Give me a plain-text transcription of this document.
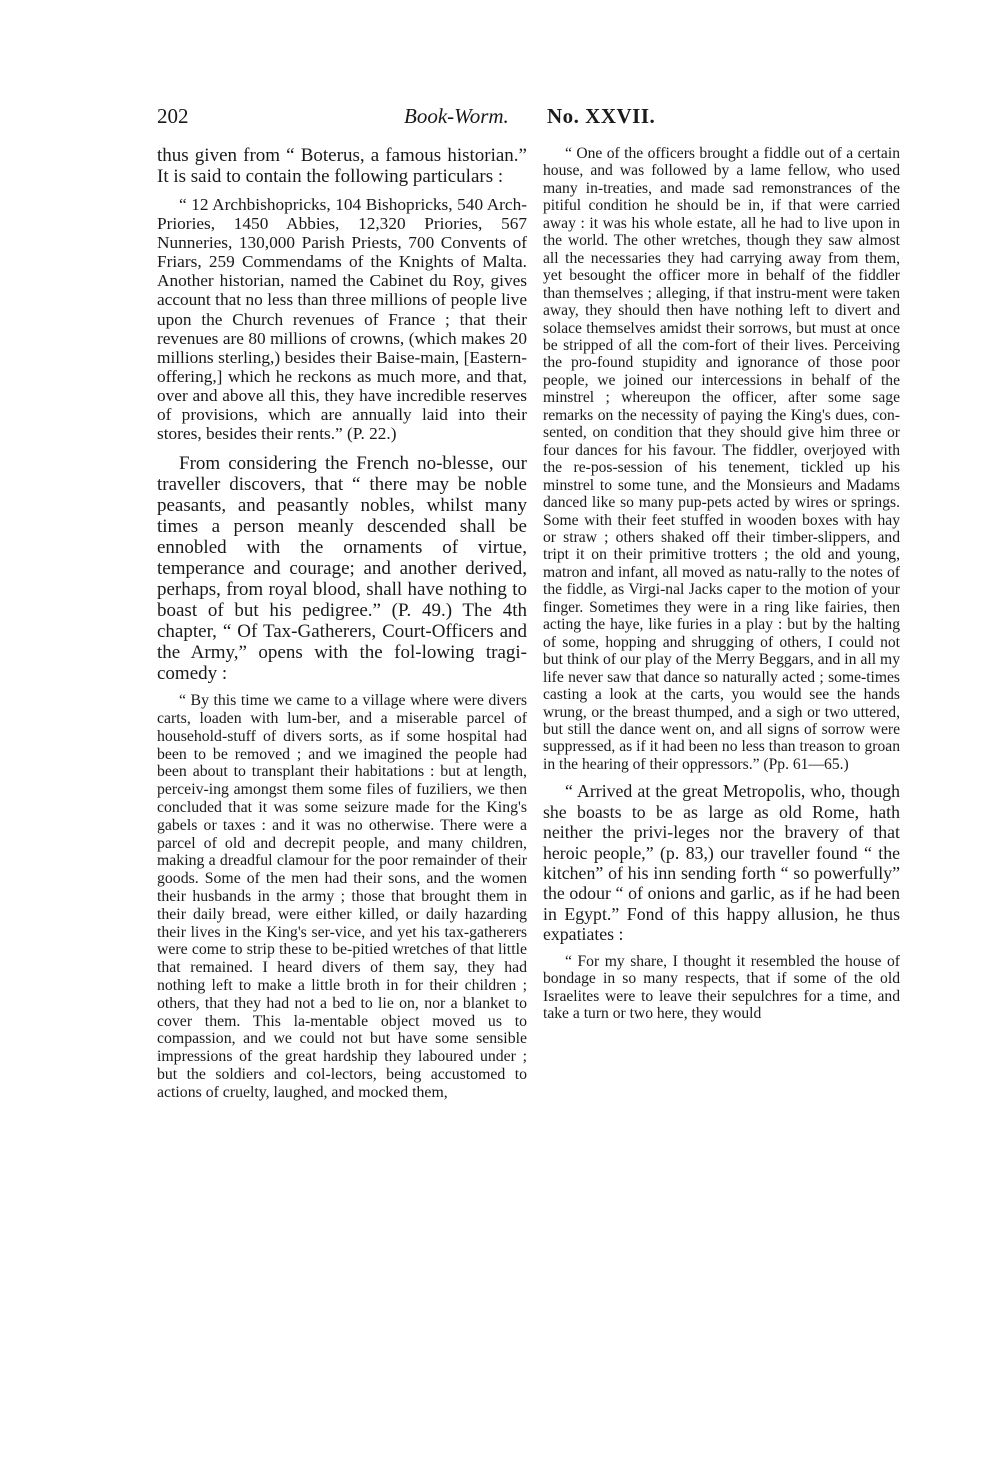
202	Book-Worm. No. XXVII.

thus given from “ Boterus, a famous historian.” It is said to contain the following particulars :

“ 12 Archbishopricks, 104 Bishopricks, 540 Arch-Priories, 1450 Abbies, 12,320 Priories, 567 Nunneries, 130,000 Parish Priests, 700 Convents of Friars, 259 Commendams of the Knights of Malta. Another historian, named the Cabinet du Roy, gives account that no less than three millions of people live upon the Church revenues of France ; that their revenues are 80 millions of crowns, (which makes 20 millions sterling,) besides their Baise-main, [Eastern-offering,] which he reckons as much more, and that, over and above all this, they have incredible reserves of provisions, which are annually laid into their stores, besides their rents.” (P. 22.)

From considering the French no-blesse, our traveller discovers, that “ there may be noble peasants, and peasantly nobles, whilst many times a person meanly descended shall be ennobled with the ornaments of virtue, temperance and courage; and another derived, perhaps, from royal blood, shall have nothing to boast of but his pedigree.” (P. 49.) The 4th chapter, “ Of Tax-Gatherers, Court-Officers and the Army,” opens with the fol-lowing tragi-comedy :

“ By this time we came to a village where were divers carts, loaden with lum-ber, and a miserable parcel of househo​ld-stuff of divers sorts, as if some hospital had been to be removed ; and we imagined the people had been about to transplant their habitations : but at length, perceiv-ing amongst them some files of fuziliers, we then concluded that it was some seizure made for the King's gabels or taxes : and it was no otherwise. There were a parcel of old and decrepit people, and many children, making a dreadful clamour for the poor remainder of their goods. Some of the men had their sons, and the women their husbands in the army ; those that brought them in their daily bread, were either killed, or daily hazarding their lives in the King's ser-vice, and yet his tax-gatherers were come to strip these to be-pitied wretches of that little that remained. I heard divers of them say, they had nothing left to make a little broth in for their children ; others, that they had not a bed to lie on, nor a blanket to cover them. This la-mentable object moved us to compassion, and we could not but have some sensible impressions of the great hardship they laboured under ; but the soldiers and col-lectors, being accustomed to actions of cruelty, laughed, and mocked them,

“ One of the officers brought a fiddle out of a certain house, and was followed by a lame fellow, who used many in-treaties, and made sad remonstrances of the pitiful condition he should be in, if that were carried away : it was his whole estate, all he had to live upon in the world. The other wretches, though they saw almost all the necessaries they had carrying away from them, yet besought the officer more in behalf of the fiddler than themselves ; alleging, if that instru-ment were taken away, they should then have nothing left to divert and solace themselves amidst their sorrows, but must at once be stripped of all the com-fort of their lives. Perceiving the pro-found stupidity and ignorance of those poor people, we joined our intercessions in behalf of the minstrel ; whereupon the officer, after some sage remarks on the necessity of paying the King's dues, con-sented, on condition that they should give him three or four dances for his favour. The fiddler, overjoyed with the re-pos-session of his tenement, tickled up his minstrel to some tune, and the Monsieurs and Madams danced like so many pup-pets acted by wires or springs. Some with their feet stuffed in wooden boxes with hay or straw ; others shaked off their timber-slippers, and tript it on their primitive trotters ; the old and young, matron and infant, all moved as natu-rally to the notes of the fiddle, as Virgi-nal Jacks caper to the motion of your finger. Sometimes they were in a ring like fairies, then acting the haye, like furies in a play : but by the halting of some, hopping and shrugging of others, I could not but think of our play of the Merry Beggars, and in all my life never saw that dance so naturally acted ; some-times casting a look at the carts, you would see the hands wrung, or the breast thumped, and a sigh or two uttered, but still the dance went on, and all signs of sorrow were suppressed, as if it had been no less than treason to groan in the hearing of their oppressors.” (Pp. 61—65.)

“ Arrived at the great Metropolis, who, though she boasts to be as large as old Rome, hath neither the privi-leges nor the bravery of that heroic people,” (p. 83,) our traveller found “ the kitchen” of his inn sending forth “ so powerfully” the odour “ of onions and garlic, as if he had been in Egypt.” Fond of this happy allusion, he thus expatiates :

“ For my share, I thought it resembled the house of bondage in so many respects, that if some of the old Israelites were to leave their sepulchres for a time, and take a turn or two here, they would
